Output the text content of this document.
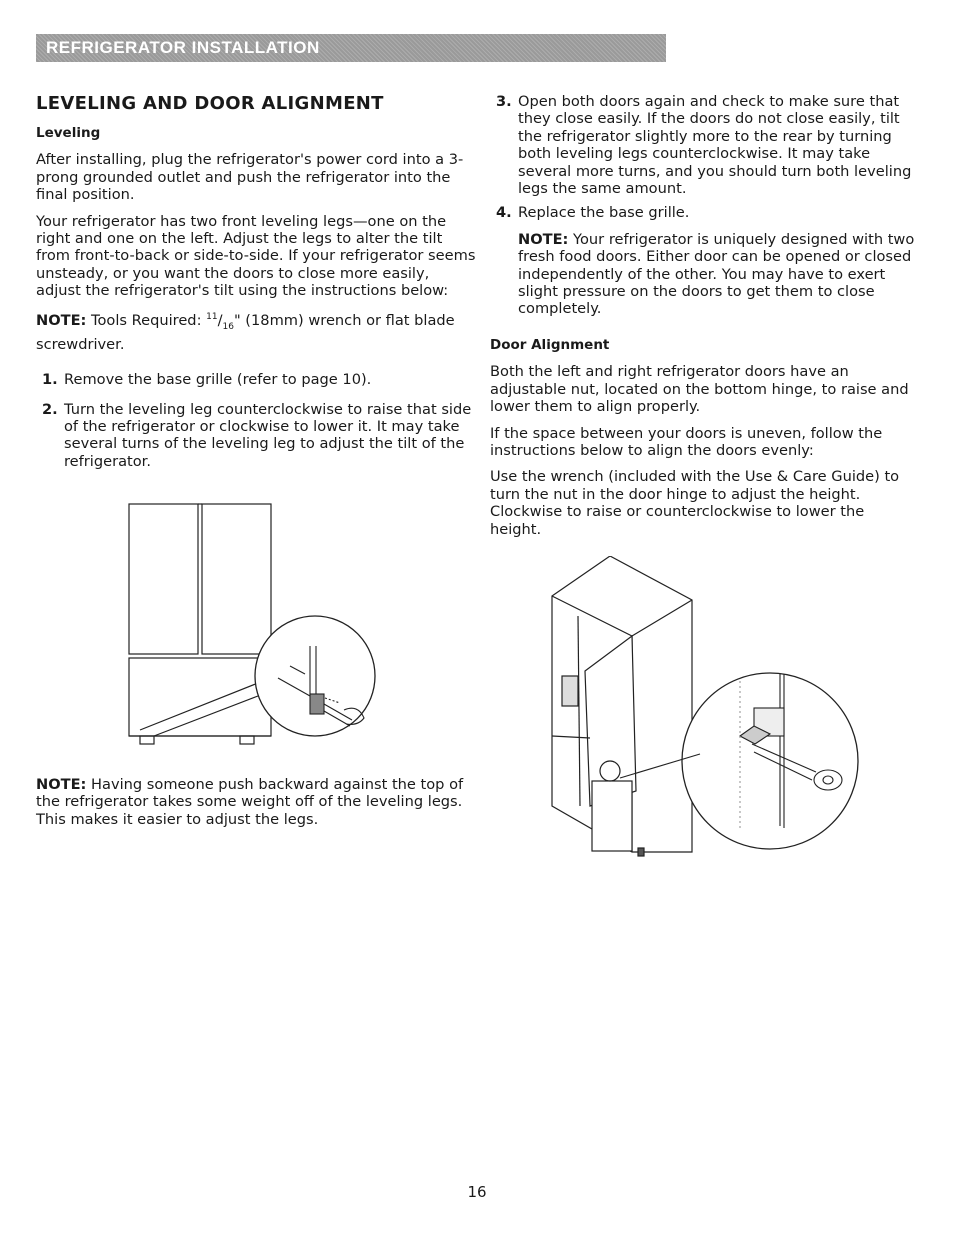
REFRIGERATOR INSTALLATION
LEVELING AND DOOR ALIGNMENT
Leveling

After installing, plug the refrigerator's power cord into a 3-prong grounded outlet and push the refrigerator into the final position.

Your refrigerator has two front leveling legs—one on the right and one on the left. Adjust the legs to alter the tilt from front-to-back or side-to-side. If your refrigerator seems unsteady, or you want the doors to close more easily, adjust the refrigerator's tilt using the instructions below:

NOTE: Tools Required: $^{11}/_{16}$" (18mm) wrench or flat blade screwdriver.

1. Remove the base grille (refer to page 10).
2. Turn the leveling leg counterclockwise to raise that side of the refrigerator or clockwise to lower it. It may take several turns of the leveling leg to adjust the tilt of the refrigerator.

NOTE: Having someone push backward against the top of the refrigerator takes some weight off of the leveling legs. This makes it easier to adjust the legs.

3. Open both doors again and check to make sure that they close easily. If the doors do not close easily, tilt the refrigerator slightly more to the rear by turning both leveling legs counterclockwise. It may take several more turns, and you should turn both leveling legs the same amount.
4. Replace the base grille.

NOTE: Your refrigerator is uniquely designed with two fresh food doors. Either door can be opened or closed independently of the other. You may have to exert slight pressure on the doors to get them to close completely.

Door Alignment

Both the left and right refrigerator doors have an adjustable nut, located on the bottom hinge, to raise and lower them to align properly.

If the space between your doors is uneven, follow the instructions below to align the doors evenly:

Use the wrench (included with the Use & Care Guide) to turn the nut in the door hinge to adjust the height. Clockwise to raise or counterclockwise to lower the height.

16
